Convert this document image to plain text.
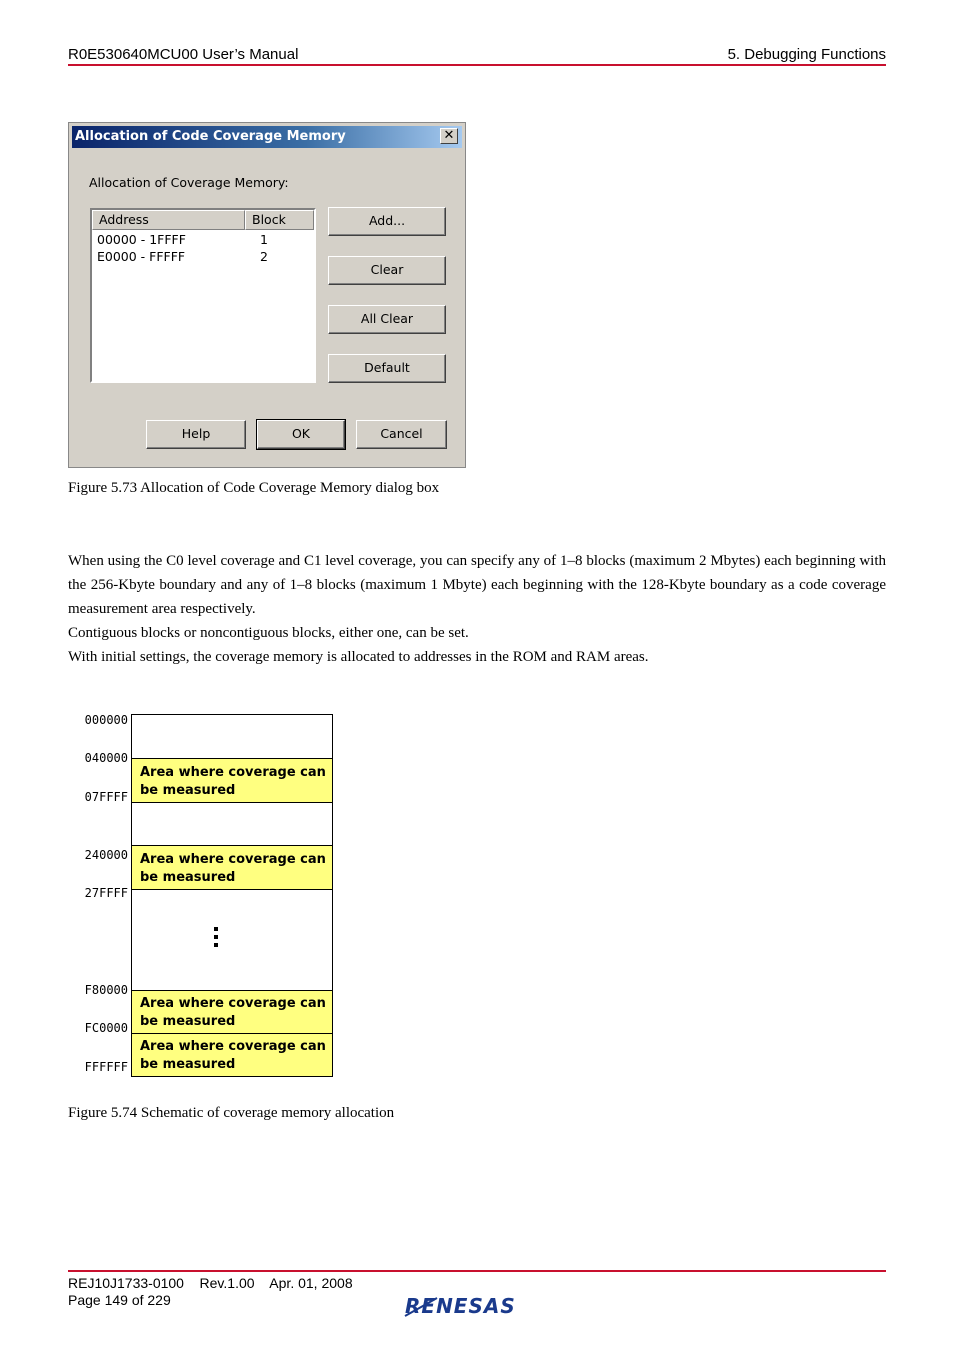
R0E530640MCU00 User’s Manual	5. Debugging Functions
Allocation of Code Coverage Memory	✕
Allocation of Coverage Memory:
Address	Block
00000 - 1FFFF	1
E0000 - FFFFF	2
Add...
Clear
All Clear
Default
Help	OK	Cancel
Figure 5.73 Allocation of Code Coverage Memory dialog box
When using the C0 level coverage and C1 level coverage, you can specify any of 1–8 blocks (maximum 2 Mbytes) each beginning with the 256-Kbyte boundary and any of 1–8 blocks (maximum 1 Mbyte) each beginning with the 128-Kbyte boundary as a code coverage measurement area respectively.
Contiguous blocks or noncontiguous blocks, either one, can be set.
With initial settings, the coverage memory is allocated to addresses in the ROM and RAM areas.
000000
040000
07FFFF
240000
27FFFF
F80000
FC0000
FFFFFF
Area where coverage can
be measured
Area where coverage can
be measured
Area where coverage can
be measured
Area where coverage can
be measured
Figure 5.74 Schematic of coverage memory allocation
REJ10J1733-0100    Rev.1.00    Apr. 01, 2008
Page 149 of 229	RENESAS
